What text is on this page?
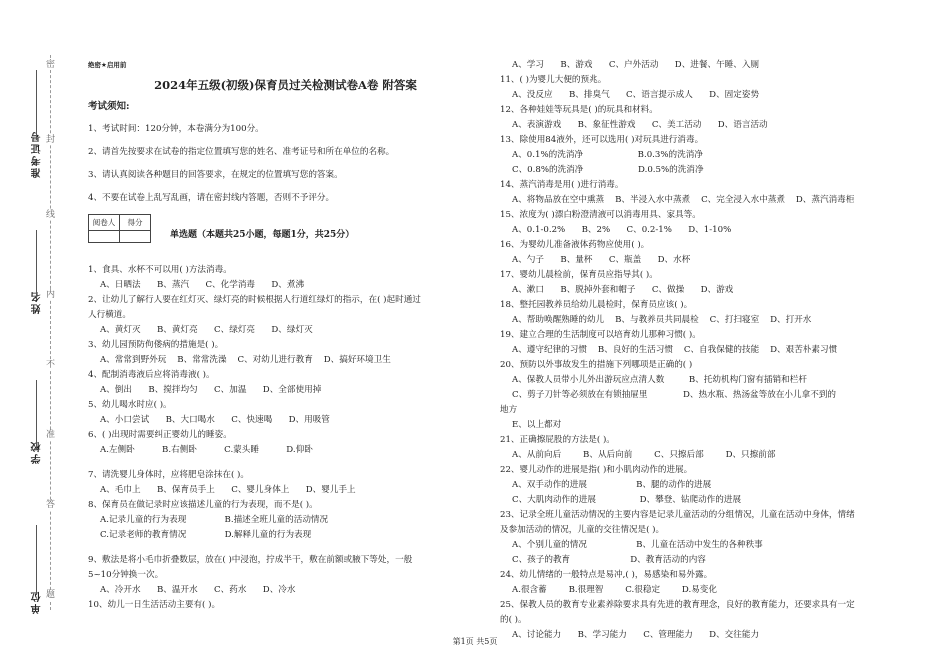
准考证号
姓名
学校
单位
密
封
线
内
不
准
答
题
绝密★启用前
2024年五级(初级)保育员过关检测试卷A卷 附答案
考试须知:
1、考试时间：120分钟，本卷满分为100分。
2、请首先按要求在试卷的指定位置填写您的姓名、准考证号和所在单位的名称。
3、请认真阅读各种题目的回答要求，在规定的位置填写您的答案。
4、不要在试卷上乱写乱画，请在密封线内答题，否则不予评分。
阅卷人	得分

单选题（本题共25小题，每题1分，共25分）
1、食具、水杯不可以用( )方法消毒。
A、日晒法      B、蒸汽      C、化学消毒      D、煮沸
2、让幼儿了解行人要在红灯灭、绿灯亮的时候根据人行道红绿灯的指示，在( )起时通过
人行横道。
A、黄灯灭      B、黄灯亮      C、绿灯亮      D、绿灯灭
3、幼儿园预防佝偻病的措施是( )。
A、常常到野外玩    B、常常洗澡    C、对幼儿进行教育    D、搞好环境卫生
4、配制消毒液后应将消毒液( )。
A、倒出      B、搅拌均匀      C、加温      D、全部使用掉
5、幼儿喝水时应( )。
A、小口尝试      B、大口喝水      C、快速喝      D、用吸管
6、( )出现时需要纠正婴幼儿的睡姿。
A.左侧卧          B.右侧卧          C.蒙头睡          D.仰卧
7、请洗婴儿身体时，应将肥皂涂抹在( )。
A、毛巾上      B、保育员手上      C、婴儿身体上      D、婴儿手上
8、保育员在做记录时应该描述儿童的行为表现，而不是( )。
A.记录儿童的行为表现              B.描述全班儿童的活动情况
C.记录老师的教育情况              D.解释儿童的行为表现
9、敷法是将小毛巾折叠数层，放在( )中浸泡，拧成半干，敷在前额或腋下等处，一般
5~10分钟换一次。
A、冷开水      B、温开水      C、药水      D、冷水
10、幼儿一日生活活动主要有( )。
A、学习      B、游戏      C、户外活动      D、进餐、午睡、入厕
11、( )为婴儿大便的预兆。
A、没反应      B、排臭气      C、语言提示成人      D、固定姿势
12、各种娃娃等玩具是( )的玩具和材料。
A、表演游戏      B、象征性游戏      C、美工活动      D、语言活动
13、除使用84液外，还可以选用( )对玩具进行消毒。
A、0.1%的洗消净                    B.0.3%的洗消净
C、0.8%的洗消净                    D.0.5%的洗消净
14、蒸汽消毒是用( )进行消毒。
A、将物品放在空中熏蒸    B、半浸入水中蒸煮    C、完全浸入水中蒸煮    D、蒸汽消毒柜
15、浓度为( )漂白粉澄清液可以消毒用具、家具等。
A、0.1-0.2%      B、2%      C、0.2-1%      D、1-10%
16、为婴幼儿准备液体药物应使用( )。
A、勺子      B、量杯      C、瓶盖      D、水杯
17、婴幼儿晨检前，保育员应指导其( )。
A、漱口      B、脱掉外套和帽子      C、做操      D、游戏
18、整托园教养员给幼儿晨检时，保育员应该( )。
A、帮助唤醒熟睡的幼儿    B、与教养员共同晨检    C、打扫寝室    D、打开水
19、建立合理的生活制度可以培育幼儿那种习惯( )。
A、遵守纪律的习惯    B、良好的生活习惯    C、自我保健的技能    D、艰苦朴素习惯
20、预防以外事故发生的措施下列哪项是正确的( )
A、保教人员带小儿外出游玩应点清人数         B、托幼机构门窗有插销和栏杆
C、剪子刀针等必须放在有锁抽屉里             D、热水瓶、热汤盆等放在小儿拿不到的
地方
E、以上都对
21、正确擦屁股的方法是( )。
A、从前向后        B、从后向前        C、只擦后部        D、只擦前部
22、婴儿动作的进展是指( )和小肌肉动作的进展。
A、双手动作的进展                  B、腿的动作的进展
C、大肌肉动作的进展                D、攀登、钻爬动作的进展
23、记录全班儿童活动情况的主要内容是记录儿童活动的分组情况，儿童在活动中身体，情绪
及参加活动的情况，儿童的交往情况是( )。
A、个别儿童的情况                  B、儿童在活动中发生的各种秩事
C、孩子的教育                      D、教育活动的内容
24、幼儿情绪的一般特点是易冲,( )，易感染和易外露。
A.很含蓄        B.很理智        C.很稳定        D.易变化
25、保教人员的教育专业素养除要求具有先进的教育理念，良好的教育能力，还要求具有一定
的( )。
A、讨论能力      B、学习能力      C、管理能力      D、交往能力
第1页 共5页
